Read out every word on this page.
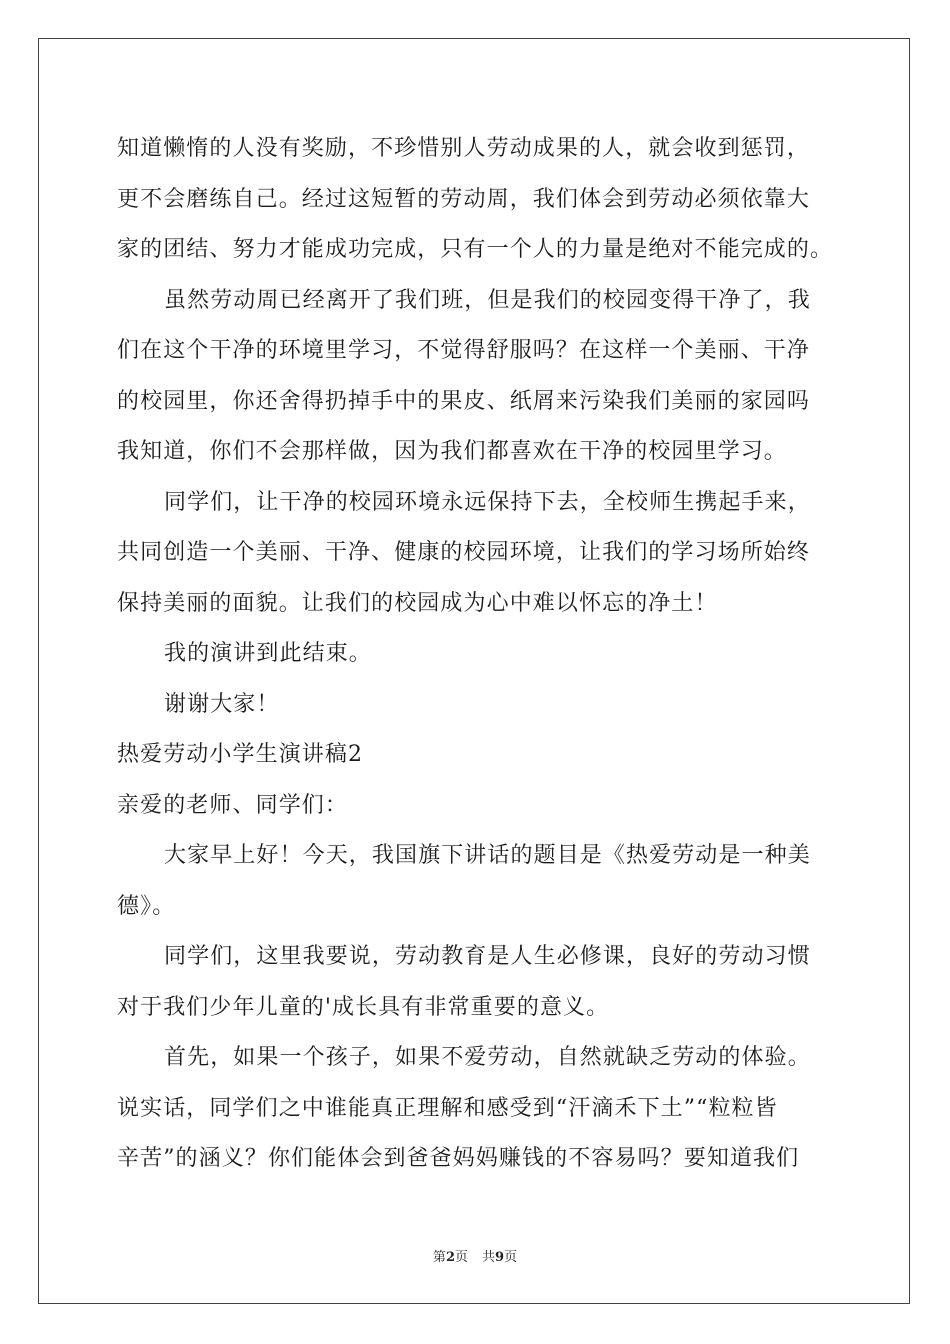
知道懒惰的人没有奖励，不珍惜别人劳动成果的人，就会收到惩罚，
更不会磨练自己。经过这短暂的劳动周，我们体会到劳动必须依靠大
家的团结、努力才能成功完成，只有一个人的力量是绝对不能完成的。
虽然劳动周已经离开了我们班，但是我们的校园变得干净了，我
们在这个干净的环境里学习，不觉得舒服吗？在这样一个美丽、干净
的校园里，你还舍得扔掉手中的果皮、纸屑来污染我们美丽的家园吗
我知道，你们不会那样做，因为我们都喜欢在干净的校园里学习。
同学们，让干净的校园环境永远保持下去，全校师生携起手来，
共同创造一个美丽、干净、健康的校园环境，让我们的学习场所始终
保持美丽的面貌。让我们的校园成为心中难以怀忘的净土！
我的演讲到此结束。
谢谢大家！
热爱劳动小学生演讲稿2
亲爱的老师、同学们：
大家早上好！今天，我国旗下讲话的题目是《热爱劳动是一种美
德》。
同学们，这里我要说，劳动教育是人生必修课，良好的劳动习惯
对于我们少年儿童的'成长具有非常重要的意义。
首先，如果一个孩子，如果不爱劳动，自然就缺乏劳动的体验。
说实话，同学们之中谁能真正理解和感受到“汗滴禾下土”“粒粒皆
辛苦”的涵义？你们能体会到爸爸妈妈赚钱的不容易吗？要知道我们
第2页 共9页
